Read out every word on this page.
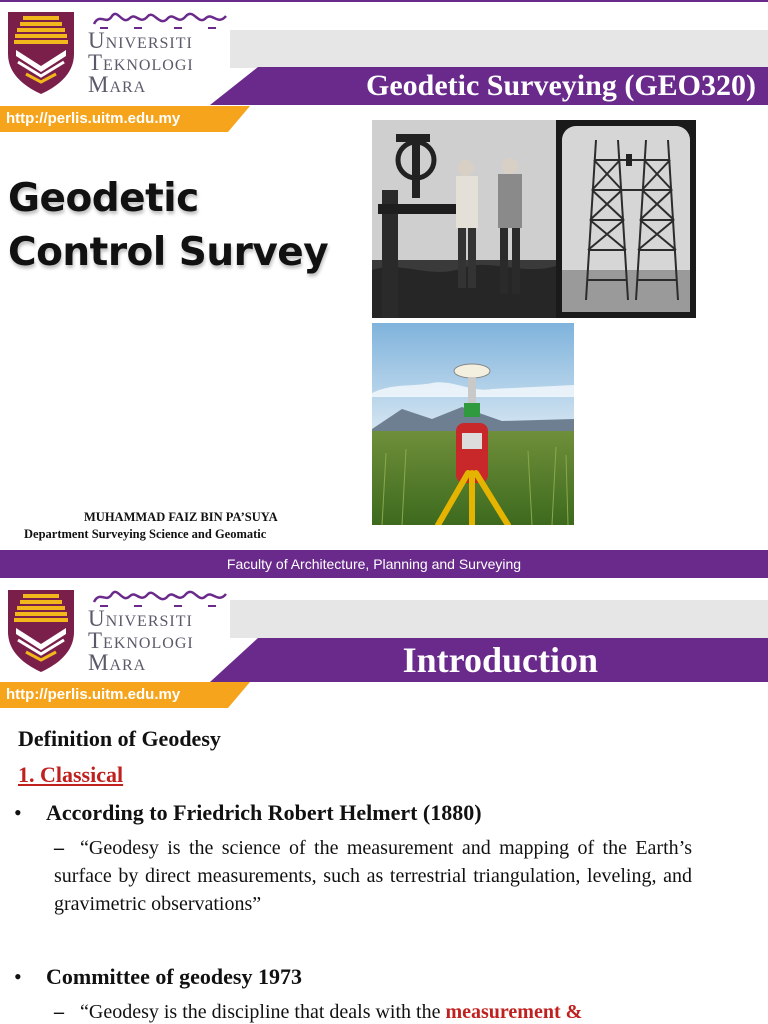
Universiti
Teknologi
Mara	Geodetic Surveying (GEO320)
http://perlis.uitm.edu.my
Geodetic
Control Survey
MUHAMMAD FAIZ BIN PA’SUYA
Department Surveying Science and Geomatic
Faculty of Architecture, Planning and Surveying
Universiti
Teknologi
Mara	Introduction
http://perlis.uitm.edu.my
Definition of Geodesy
1. Classical
• According to Friedrich Robert Helmert (1880)
– “Geodesy is the science of the measurement and mapping of the Earth’s        surface by direct measurements, such as terrestrial triangulation, leveling, and gravimetric observations”
• Committee of geodesy 1973
– “Geodesy is the discipline that deals with the measurement &
